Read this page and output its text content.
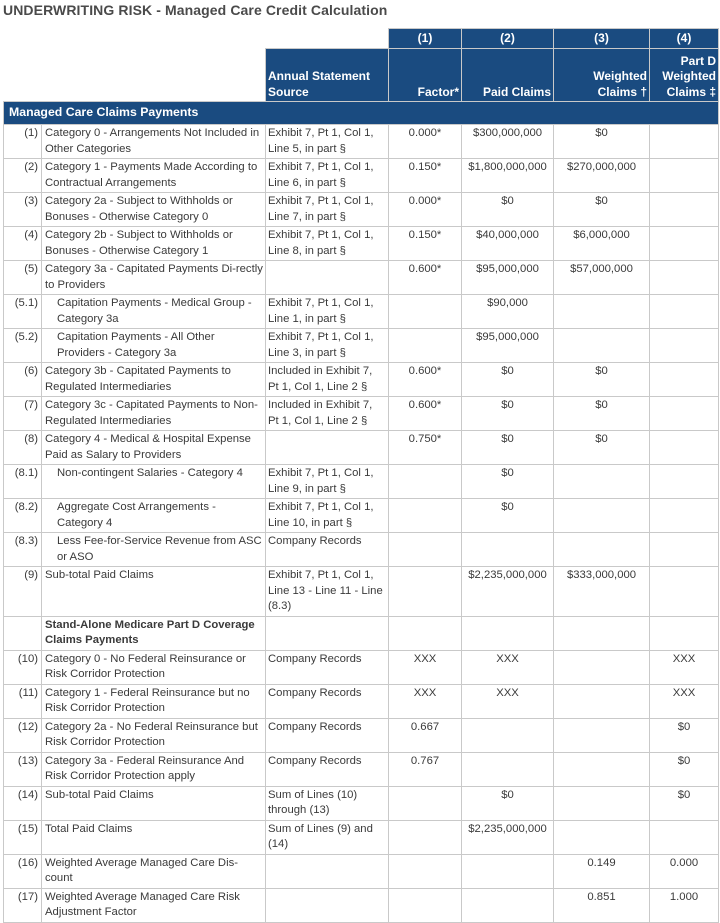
UNDERWRITING RISK - Managed Care Credit Calculation
			(1)	(2)	(3)	(4)
		Annual Statement Source	Factor*	Paid Claims	Weighted Claims †	Part D Weighted Claims ‡
Managed Care Claims Payments						
(1)	Category 0 - Arrangements Not Included in Other Categories	Exhibit 7, Pt 1, Col 1, Line 5, in part §	0.000*	$300,000,000	$0	
(2)	Category 1 - Payments Made According to Contractual Arrangements	Exhibit 7, Pt 1, Col 1, Line 6, in part §	0.150*	$1,800,000,000	$270,000,000	
(3)	Category 2a - Subject to Withholds or Bonuses - Otherwise Category 0	Exhibit 7, Pt 1, Col 1, Line 7, in part §	0.000*	$0	$0	
(4)	Category 2b - Subject to Withholds or Bonuses - Otherwise Category 1	Exhibit 7, Pt 1, Col 1, Line 8, in part §	0.150*	$40,000,000	$6,000,000	
(5)	Category 3a - Capitated Payments Di-rectly to Providers		0.600*	$95,000,000	$57,000,000	
(5.1)	Capitation Payments - Medical Group - Category 3a	Exhibit 7, Pt 1, Col 1, Line 1, in part §		$90,000		
(5.2)	Capitation Payments - All Other Providers - Category 3a	Exhibit 7, Pt 1, Col 1, Line 3, in part §		$95,000,000		
(6)	Category 3b - Capitated Payments to Regulated Intermediaries	Included in Exhibit 7, Pt 1, Col 1, Line 2 §	0.600*	$0	$0	
(7)	Category 3c - Capitated Payments to Non-Regulated Intermediaries	Included in Exhibit 7, Pt 1, Col 1, Line 2 §	0.600*	$0	$0	
(8)	Category 4 - Medical & Hospital Expense Paid as Salary to Providers		0.750*	$0	$0	
(8.1)	Non-contingent Salaries - Category 4	Exhibit 7, Pt 1, Col 1, Line 9, in part §		$0		
(8.2)	Aggregate Cost Arrangements - Category 4	Exhibit 7, Pt 1, Col 1, Line 10, in part §		$0		
(8.3)	Less Fee-for-Service Revenue from ASC or ASO	Company Records				
(9)	Sub-total Paid Claims	Exhibit 7, Pt 1, Col 1, Line 13 - Line 11 - Line (8.3)		$2,235,000,000	$333,000,000	
	Stand-Alone Medicare Part D Coverage Claims Payments					
(10)	Category 0 - No Federal Reinsurance or Risk Corridor Protection	Company Records	XXX	XXX		XXX
(11)	Category 1 - Federal Reinsurance but no Risk Corridor Protection	Company Records	XXX	XXX		XXX
(12)	Category 2a - No Federal Reinsurance but Risk Corridor Protection	Company Records	0.667			$0
(13)	Category 3a - Federal Reinsurance And Risk Corridor Protection apply	Company Records	0.767			$0
(14)	Sub-total Paid Claims	Sum of Lines (10) through (13)		$0		$0
(15)	Total Paid Claims	Sum of Lines (9) and (14)		$2,235,000,000		
(16)	Weighted Average Managed Care Dis-count				0.149	0.000
(17)	Weighted Average Managed Care Risk Adjustment Factor				0.851	1.000
